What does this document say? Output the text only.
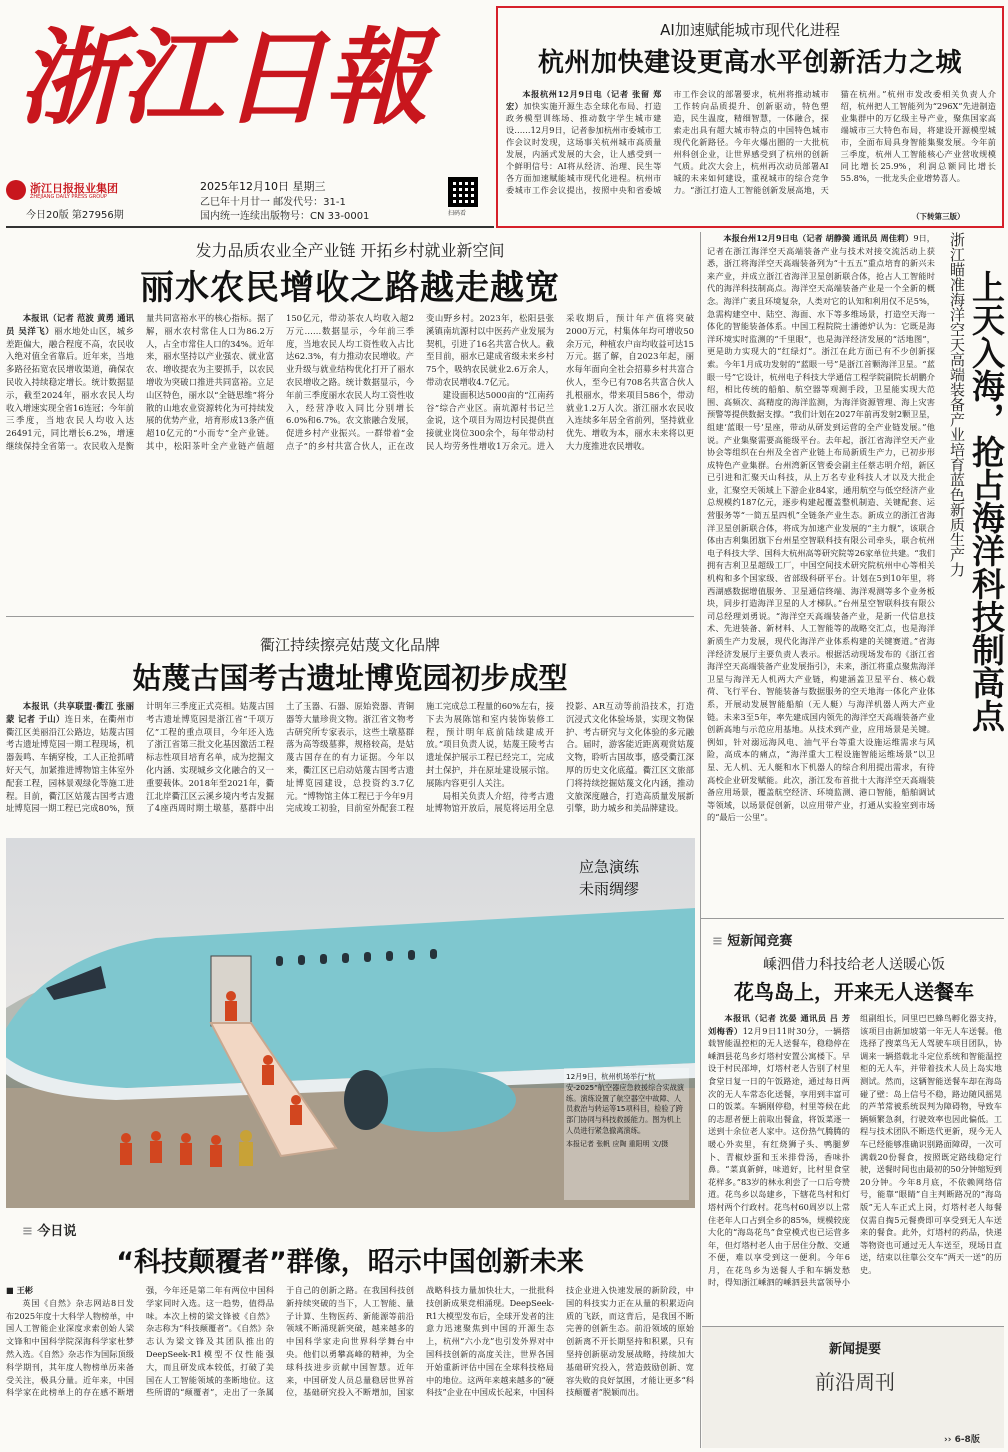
浙江日報
浙江日报报业集团
ZHEJIANG DAILY PRESS GROUP
今日20版 第27956期
2025年12月10日 星期三
乙巳年十月廿一 邮发代号：31-1
国内统一连续出版物号：CN 33-0001	扫码看
AI加速赋能城市现代化进程
杭州加快建设更高水平创新活力之城

本报杭州12月9日电（记者 张留 郑宏）加快实施开源生态全球化布局、打造政务模型训练场、推动数字学生城市建设……12月9日，记者参加杭州市委城市工作会议时发现，这场事关杭州城市高质量发展，内涵式发展的大会，让人感受到一个鲜明信号：AI将从经济、治理、民生等各方面加速赋能城市现代化进程。杭州市委城市工作会议提出，按照中央和省委城市工作会议的部署要求，杭州将推动城市工作转向品质提升、创新驱动，特色塑造，民生温度，精细智慧，一体融合，探索走出具有超大城市特点的中国特色城市现代化新路径。今年火爆出圈的一大批杭州科创企业，让世界感受到了杭州的创新气质。此次大会上，杭州再次动员部署AI城的未来如何建设，重视城市的综合竞争力。“浙江打造人工智能创新发展高地，天猫在杭州。”杭州市发改委相关负责人介绍，杭州把人工智能列为“296X”先进制造业集群中的万亿级主导产业，聚焦国家高端城市三大特色布局，将建设开源模型城市，全面布局具身智能集聚发展。今年前三季度，杭州人工智能核心产业营收规模同比增长25.9%，利润总额同比增长55.8%，一批龙头企业增势喜人。

（下转第三版）
发力品质农业全产业链 开拓乡村就业新空间
丽水农民增收之路越走越宽

本报讯（记者 范波 黄勇 通讯员 吴洋飞）丽水地处山区，城乡差距偏大，融合程度不高，农民收入绝对值全省靠后。近年来，当地多路径拓宽农民增收渠道，确保农民收入持续稳定增长。统计数据显示，截至2024年，丽水农民人均收入增速实现全省16连冠；今年前三季度，当地农民人均收入达26491元，同比增长6.2%，增速继续保持全省第一。农民收入是衡量共同富裕水平的核心指标。据了解，丽水农村常住人口为86.2万人，占全市常住人口的34%。近年来，丽水坚持以产业强农、就业富农、增收提农为主要抓手，以农民增收为突破口推进共同富裕。立足山区特色，丽水以“全链思维”将分散的山地农业资源转化为可持续发展的优势产业，培育形成13条产值超10亿元的“小而专”全产业链。其中，松阳茶叶全产业链产值超150亿元，带动茶农人均收入超2万元……数据显示，今年前三季度，当地农民人均工资性收入占比达62.3%，有力推动农民增收。产业升级与就业结构优化打开了丽水农民增收之路。统计数据显示，今年前三季度丽水农民人均工资性收入，经营净收入同比分别增长6.0%和6.7%。农文旅融合发展，促进乡村产业振兴。一群带着“金点子”的乡村共富合伙人，正在改变山野乡村。2023年，松阳县张溪镇南坑源村以中医药产业发展为契机，引进了16名共富合伙人。截至目前，丽水已建成省级未来乡村75个，吸纳农民就业2.6万余人，带动农民增收4.7亿元。

建设面积达5000亩的“江南药谷”综合产业区。南坑源村书记兰金说，这个项目为周边村民提供直接就业岗位300余个，每年带动村民人均劳务性增收1万余元。进入采收期后，预计年产值将突破2000万元，村集体年均可增收50余万元，种植农户亩均收益可达15万元。据了解，自2023年起，丽水每年面向全社会招募乡村共富合伙人，至今已有708名共富合伙人扎根丽水，带来项目586个，带动就业1.2万人次。浙江丽水农民收入连续多年居全省前列，坚持就业优先、增收为本，丽水未来将以更大力度推进农民增收。

衢江持续擦亮姑蔑文化品牌
姑蔑古国考古遗址博览园初步成型

本报讯（共享联盟·衢江 张丽蒙 记者 于山）连日来，在衢州市衢江区美丽沿江公路边，姑蔑古国考古遗址博览园一期工程现场，机器轰鸣、车辆穿梭，工人正抢抓晴好天气，加紧推进博物馆主体室外配套工程，园林景观绿化等施工进程。目前，衢江区姑蔑古国考古遗址博览园一期工程已完成80%，预计明年三季度正式亮相。姑蔑古国考古遗址博览园是浙江省“千项万亿”工程的重点项目，今年还入选了浙江省第三批文化基因激活工程标志性项目培育名单，成为挖掘文化内涵、实现城乡文化融合的又一重要载体。2018年至2021年，衢江北岸衢江区云溪乡境内考古发掘了4座西周时期土墩墓，墓群中出土了玉器、石器、原始瓷器、青铜器等大量珍贵文物。浙江省文物考古研究所专家表示，这些土墩墓群落为高等级墓葬，规格较高，是姑蔑古国存在的有力证据。今年以来，衢江区已启动姑蔑古国考古遗址博览园建设，总投资约3.7亿元。“博物馆主体工程已于今年9月完成竣工初验，目前室外配套工程施工完成总工程量的60%左右，接下去为展陈馆和室内装饰装修工程，预计明年底前陆续建成开放。”项目负责人说，姑蔑王陵考古遗址保护展示工程已经完工，完成封土保护，并在原址建设展示馆。展陈内容更引人关注。

局相关负责人介绍，待考古遗址博物馆开放后，展览将运用全息投影、AR互动等前沿技术，打造沉浸式文化体验场景，实现文物保护、考古研究与文化体验的多元融合。届时，游客能近距离观赏姑蔑文物，聆听古国故事，感受衢江深厚的历史文化底蕴。衢江区文旅部门将持续挖掘姑蔑文化内涵，推动文旅深度融合，打造高质量发展新引擎，助力城乡和美品牌建设。

应急演练
未雨绸缪
12月9日，杭州机场举行“杭安-2025”航空器应急救援综合实战演练。演练设置了航空器空中故障、人员救治与转运等15项科目，检验了跨部门协同与科技救援能力。图为机上人员进行紧急撤离演练。
本报记者 张帆 应陶 重阳明 文/摄
≡ 今日说
“科技颠覆者”群像，昭示中国创新未来

■ 王彬

英国《自然》杂志网站8日发布2025年度十大科学人物榜单，中国人工智能企业深度求索创始人梁文锋和中国科学院深海科学家杜梦然入选。《自然》杂志作为国际顶级科学期刊，其年度人物榜单历来备受关注，极具分量。近年来，中国科学家在此榜单上的存在感不断增强，今年还是第二年有两位中国科学家同时入选。这一趋势，值得品味。本次上榜的梁文锋被《自然》杂志称为“科技颠覆者”。《自然》杂志认为梁文锋及其团队推出的DeepSeek-R1模型不仅性能强大，而且研发成本较低，打破了美国在人工智能领域的垄断地位。这些所谓的“颠覆者”，走出了一条属于自己的创新之路。在我国科技创新持续突破的当下，人工智能、量子计算、生物医药、新能源等前沿领域不断涌现新突破，越来越多的中国科学家走向世界科学舞台中央。他们以勇攀高峰的精神，为全球科技进步贡献中国智慧。近年来，中国研发人员总量稳居世界首位，基础研究投入不断增加，国家战略科技力量加快壮大，一批批科技创新成果竞相涌现。DeepSeek-R1大模型发布后，全球开发者的注意力迅速聚焦到中国的开源生态上，杭州“六小龙”也引发外界对中国科技创新的高度关注，世界各国开始重新评估中国在全球科技格局中的地位。这两年来越来越多的“硬科技”企业在中国成长起来，中国科技企业进入快速发展的新阶段，中国的科技实力正在从量的积累迈向质的飞跃，而这背后，是我国不断完善的创新生态。前沿领域的原始创新离不开长期坚持和积累，只有坚持创新驱动发展战略，持续加大基础研究投入，营造鼓励创新、宽容失败的良好氛围，才能让更多“科技颠覆者”脱颖而出。

本报台州12月9日电（记者 胡静漪 通讯员 周佳莉）9日，记者在浙江海洋空天高端装备产业与技术对接交流活动上获悉，浙江将海洋空天高端装备列为“十五五”重点培育的新兴未来产业，并成立浙江省海洋卫星创新联合体，抢占人工智能时代的海洋科技制高点。海洋空天高端装备产业是一个全新的概念。海洋广袤且环境复杂，人类对它的认知和利用仅不足5%，急需构建空中、陆空、海面、水下等多维场景，打造空天海一体化的智能装备体系。中国工程院院士潘德炉认为：它既是海洋环境实时监测的“千里眼”，也是海洋经济发展的“活地图”，更是助力实现大的“红绿灯”。浙江在此方面已有不少创新探索。今年1月成功发射的“蓝眼一号”是浙江首颗海洋卫星。“蓝眼一号”它设计，杭州电子科技大学通信工程学院副院长胡鹏介绍，相比传统的船舶、航空器等观测手段，卫星能实现大范围、高频次、高精度的海洋监测，为海洋资源管理、海上灾害预警等提供数据支撑。“我们计划在2027年前再发射2颗卫星，组建‘蓝眼一号’星座，带动从研发到运营的全产业链发展。”他说。产业集聚需要高能级平台。去年起，浙江省海洋空天产业协会等组织在台州及全省产业链上布局新质生产力，已初步形成特色产业集群。台州湾新区管委会副主任蔡志明介绍，新区已引进和汇聚天山科技，从上万名专业科技人才以及大批企业，汇聚空天领域上下游企业84家，通用航空与低空经济产业总规模约187亿元，逐步构建起覆盖整机制造、关键配套、运营服务等“一简五星四机”全链条产业生态。新成立的浙江省海洋卫星创新联合体，将成为加速产业发展的“主力舰”，该联合体由吉利集团旗下台州星空智联科技有限公司牵头，联合杭州电子科技大学、国科大杭州高等研究院等26家单位共建。“我们拥有吉利卫星超级工厂，中国空间技术研究院杭州中心等相关机构和多个国家级、省部级科研平台。计划在5到10年里，将西湖感数据增值服务、卫星通信终端、海洋观测等多个业务板块，同步打造海洋卫星的人才梯队。”台州星空智联科技有限公司总经理刘勇说。“海洋空天高端装备产业，是新一代信息技术、先进装备、新材料、人工智能等的战略交汇点，也是海洋新质生产力发展，现代化海洋产业体系构建的关键赛道。”省海洋经济发展厅主要负责人表示。根据活动现场发布的《浙江省海洋空天高端装备产业发展指引》，未来，浙江将重点聚焦海洋卫星与海洋无人机两大产业链，构建涵盖卫星平台、核心载荷、飞行平台、智能装备与数据服务的空天地海一体化产业体系，开展动发展智能船舶（无人艇）与海洋机器人两大产业链。未来3至5年，率先建成国内领先的海洋空天高端装备产业创新高地与示范应用基地。从技术到产业，应用场景是关键。例如，针对溺远海风电、油气平台等重大设施运维需求与风险，高成本的痛点，“海洋重大工程设施智能运维场景”以卫星、无人机、无人艇和水下机器人的综合利用提出需求，有待高校企业研发赋能。此次，浙江发布首批十大海洋空天高端装备应用场景，覆盖航空经济、环境监测、港口智能，船舶调试等领域，以场景促创新，以应用带产业，打通从实验室到市场的“最后一公里”。

浙江瞄准海洋空天高端装备产业培育蓝色新质生产力 上天入海，抢占海洋科技制高点
≡ 短新闻竞赛
嵊泗借力科技给老人送暖心饭
花鸟岛上，开来无人送餐车

本报讯（记者 沈晏 通讯员 吕 芳 刘梅香）12月9日11时30分，一辆搭载智能温控柜的无人送餐车，稳稳停在嵊泗县花鸟乡灯塔村安置公寓楼下。早设于村民邵坤，灯塔村老人告别了村里食堂日复一日的午饭路途，通过每日两次的无人车常态化送餐，享用到丰富可口的饭菜。车辆刚停稳，村里等候在此的志愿者便上前取出餐盒，将饭菜逐一送到十余位老人家中。这份热气腾腾的暖心外卖里，有红烧狮子头、鸭腿萝卜、青椒炒蛋和玉米排骨汤，香味扑鼻。“菜真新鲜，味道好，比村里食堂花样多。”83岁的林永利尝了一口后夸赞道。花鸟乡以岛建乡，下辖花鸟村和灯塔村两个行政村。花鸟村60周岁以上常住老年人口占到全乡的85%，规模较庞大化的“海岛花鸟”食堂模式也已运营多年，但灯塔村老人由于居住分散、交通不便，难以享受到这一便利。今年6月，在花鸟乡为送餐人手和车辆发愁时，得知浙江嵊泗的嵊泗县共富领导小组副组长，同里巴巴蜂鸟孵化器支持，该项目由新加坡第一年无人车送餐。他选择了搜菜鸟无人驾驶车项目团队，协调来一辆搭载北斗定位系统和智能温控柜的无人车，并带着技术人员上岛实地测试。然而，这辆智能送餐车却在海岛碰了壁：岛上信号不稳，路边随风摇晃的芦苇常被系统误判为障碍物，导致车辆频繁急刹，行驶效率也因此偏低。工程与技术团队不断迭代更新，现今无人车已经能够准确识别路面障碍，一次可满载20份餐食，按照既定路线稳定行驶，送餐时间也由最初的50分钟缩短到20分钟。今年8月底，不依赖网络信号，能靠“眼睛”自主判断路况的“海岛版”无人车正式上岗，灯塔村老人每餐仅需自掏5元餐费即可享受到无人车送来的餐食。此外，灯塔村的药品，快递等物资也可通过无人车送至，现场日直送，结束以往靠公交车“两天一送”的历史。

新闻提要
前沿周刊
›› 6-8版
